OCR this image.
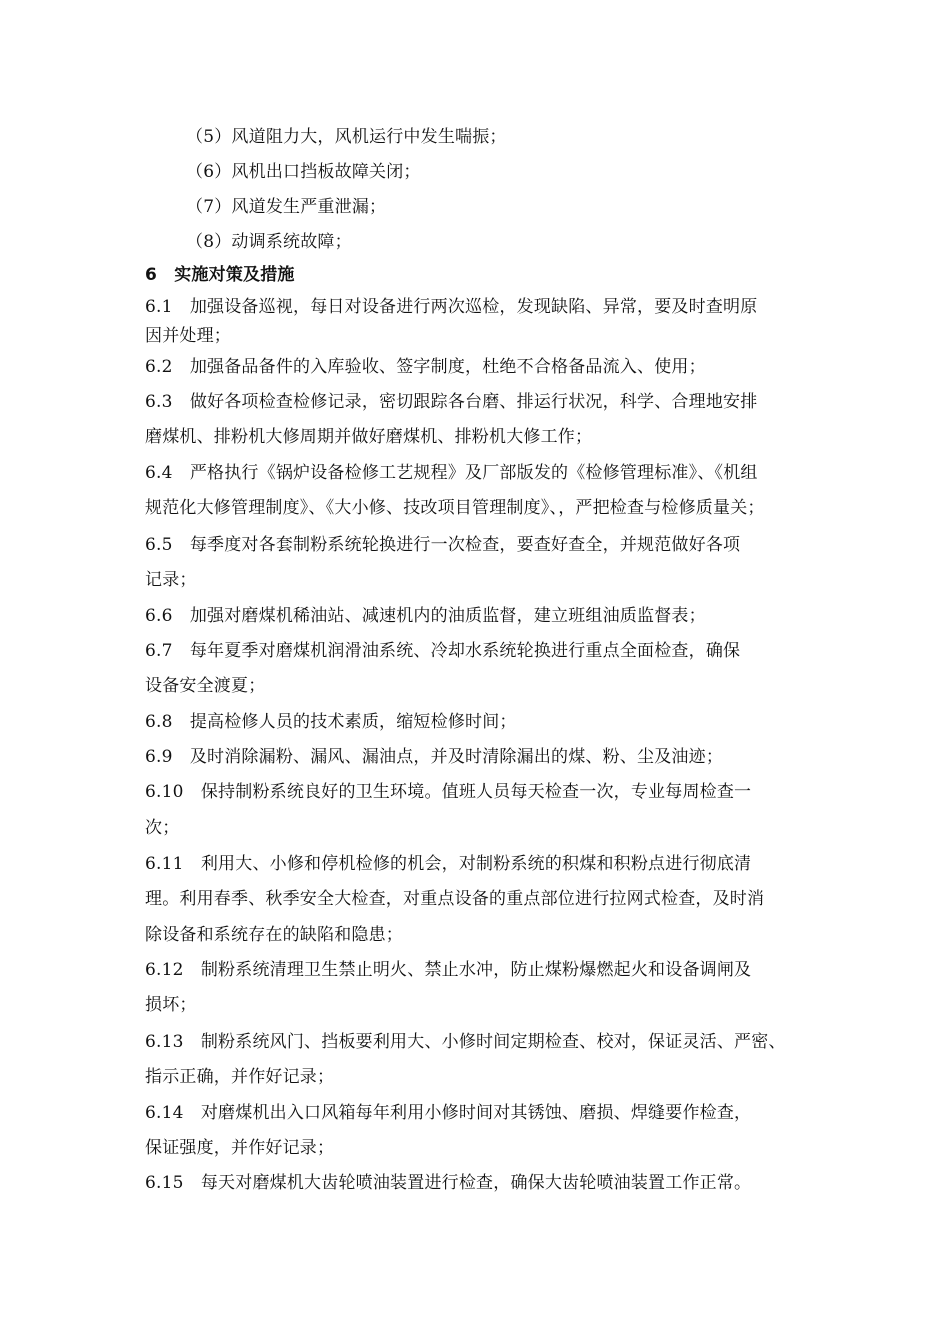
（5）风道阻力大，风机运行中发生喘振；
（6）风机出口挡板故障关闭；
（7）风道发生严重泄漏；
（8）动调系统故障；
6　实施对策及措施
6.1　加强设备巡视，每日对设备进行两次巡检，发现缺陷、异常，要及时查明原
因并处理；
6.2　加强备品备件的入库验收、签字制度，杜绝不合格备品流入、使用；
6.3　做好各项检查检修记录，密切跟踪各台磨、排运行状况，科学、合理地安排
磨煤机、排粉机大修周期并做好磨煤机、排粉机大修工作；
6.4　严格执行《锅炉设备检修工艺规程》及厂部版发的《检修管理标准》、《机组
规范化大修管理制度》、《大小修、技改项目管理制度》、，严把检查与检修质量关；
6.5　每季度对各套制粉系统轮换进行一次检查，要查好查全，并规范做好各项
记录；
6.6　加强对磨煤机稀油站、减速机内的油质监督，建立班组油质监督表；
6.7　每年夏季对磨煤机润滑油系统、冷却水系统轮换进行重点全面检查，确保
设备安全渡夏；
6.8　提高检修人员的技术素质，缩短检修时间；
6.9　及时消除漏粉、漏风、漏油点，并及时清除漏出的煤、粉、尘及油迹；
6.10　保持制粉系统良好的卫生环境。值班人员每天检查一次，专业每周检查一
次；
6.11　利用大、小修和停机检修的机会，对制粉系统的积煤和积粉点进行彻底清
理。利用春季、秋季安全大检查，对重点设备的重点部位进行拉网式检查，及时消
除设备和系统存在的缺陷和隐患；
6.12　制粉系统清理卫生禁止明火、禁止水冲，防止煤粉爆燃起火和设备调闸及
损坏；
6.13　制粉系统风门、挡板要利用大、小修时间定期检查、校对，保证灵活、严密、
指示正确，并作好记录；
6.14　对磨煤机出入口风箱每年利用小修时间对其锈蚀、磨损、焊缝要作检查，
保证强度，并作好记录；
6.15　每天对磨煤机大齿轮喷油装置进行检查，确保大齿轮喷油装置工作正常。
